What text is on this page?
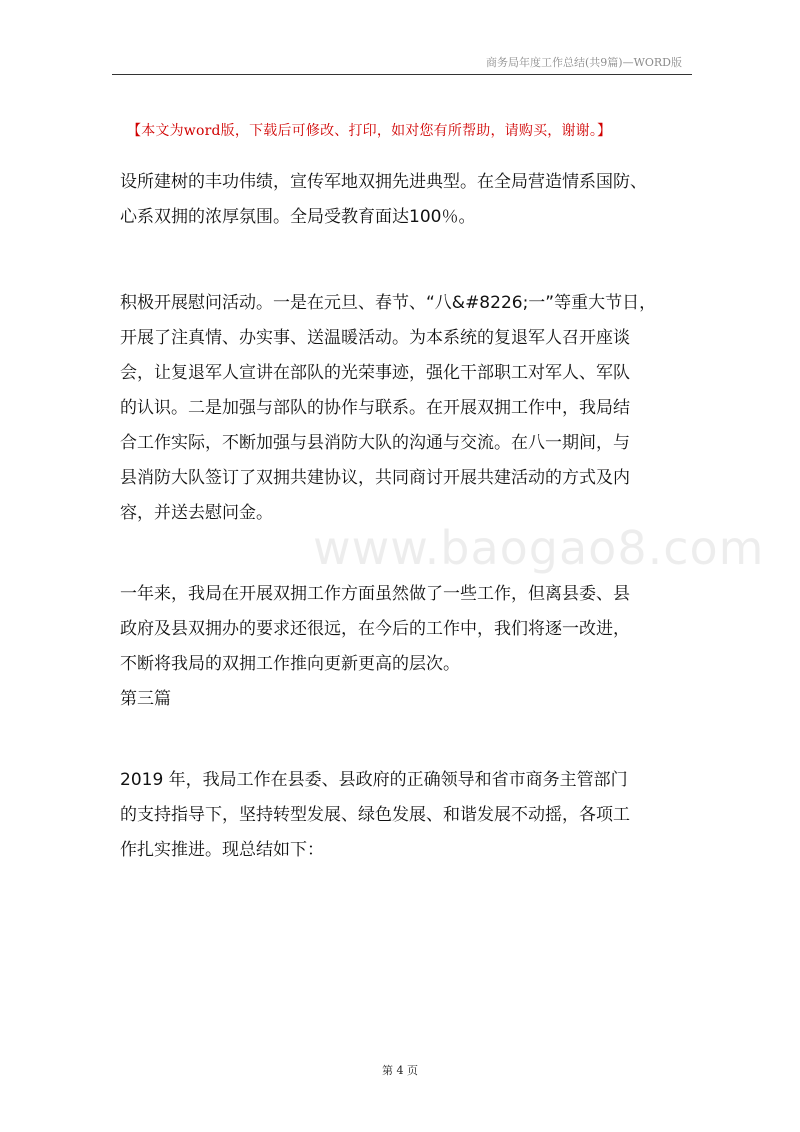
商务局年度工作总结(共9篇)—WORD版
【本文为word版，下载后可修改、打印，如对您有所帮助，请购买，谢谢。】
www.baogao8.com

设所建树的丰功伟绩，宣传军地双拥先进典型。在全局营造情系国防、
心系双拥的浓厚氛围。全局受教育面达100％。

积极开展慰问活动。一是在元旦、春节、“八&#8226;一”等重大节日，
开展了注真情、办实事、送温暖活动。为本系统的复退军人召开座谈
会，让复退军人宣讲在部队的光荣事迹，强化干部职工对军人、军队
的认识。二是加强与部队的协作与联系。在开展双拥工作中，我局结
合工作实际，不断加强与县消防大队的沟通与交流。在八一期间，与
县消防大队签订了双拥共建协议，共同商讨开展共建活动的方式及内
容，并送去慰问金。

一年来，我局在开展双拥工作方面虽然做了一些工作，但离县委、县
政府及县双拥办的要求还很远，在今后的工作中，我们将逐一改进，
不断将我局的双拥工作推向更新更高的层次。

第三篇

2019 年，我局工作在县委、县政府的正确领导和省市商务主管部门
的支持指导下，坚持转型发展、绿色发展、和谐发展不动摇，各项工
作扎实推进。现总结如下：

第 4 页
